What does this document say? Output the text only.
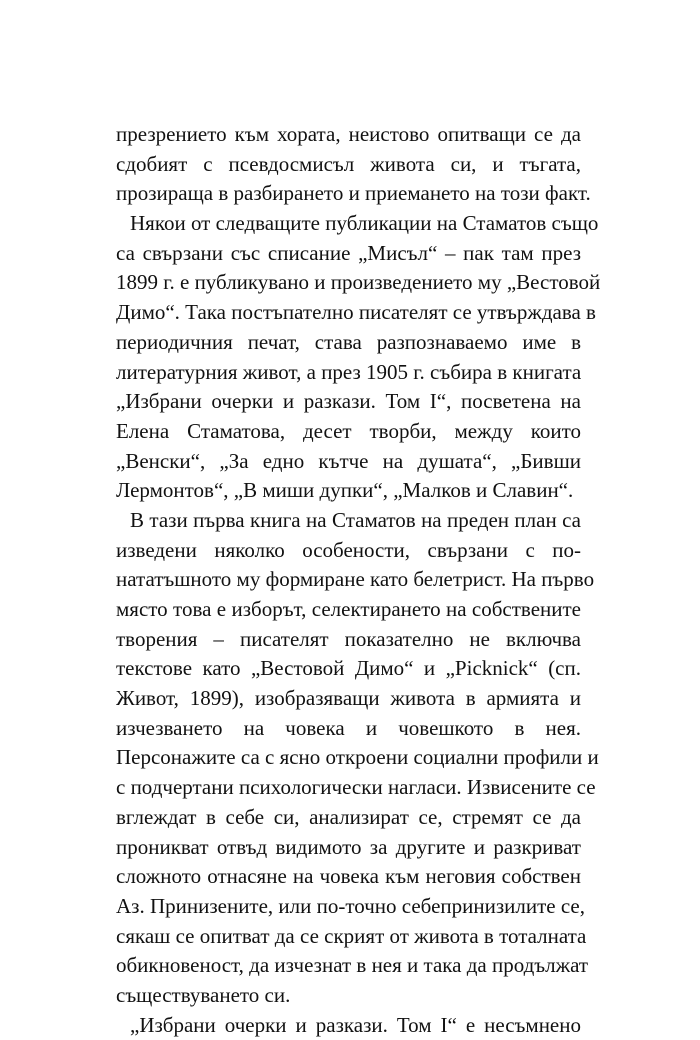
презрението към хората, неистово опитващи се да
сдобият с псевдосмисъл живота си, и тъгата,
прозираща в разбирането и приемането на този факт.
Някои от следващите публикации на Стаматов също
са свързани със списание „Мисъл“ – пак там през
1899 г. е публикувано и произведението му „Вестовой
Димо“. Така постъпателно писателят се утвърждава в
периодичния печат, става разпознаваемо име в
литературния живот, а през 1905 г. събира в книгата
„Избрани очерки и разкази. Том I“, посветена на
Елена Стаматова, десет творби, между които
„Венски“, „За едно кътче на душата“, „Бивши
Лермонтов“, „В миши дупки“, „Малков и Славин“.
В тази първа книга на Стаматов на преден план са
изведени няколко особености, свързани с по-
нататъшното му формиране като белетрист. На първо
място това е изборът, селектирането на собствените
творения – писателят показателно не включва
текстове като „Вестовой Димо“ и „Picknick“ (сп.
Живот, 1899), изобразяващи живота в армията и
изчезването на човека и човешкото в нея.
Персонажите са с ясно откроени социални профили и
с подчертани психологически нагласи. Извисените се
вглеждат в себе си, анализират се, стремят се да
проникват отвъд видимото за другите и разкриват
сложното отнасяне на човека към неговия собствен
Аз. Принизените, или по-точно себепринизилите се,
сякаш се опитват да се скрият от живота в тоталната
обикновеност, да изчезнат в нея и така да продължат
съществуването си.
„Избрани очерки и разкази. Том I“ е несъмнено
